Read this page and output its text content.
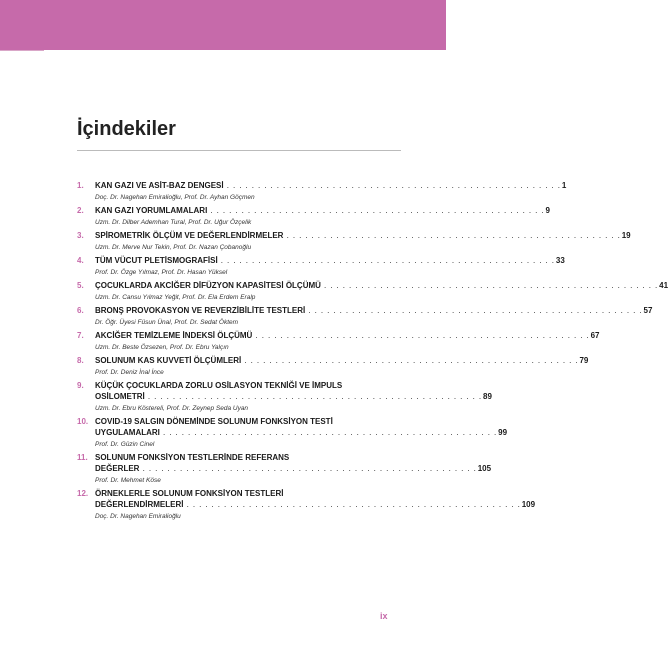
İçindekiler
1.	KAN GAZI VE ASİT-BAZ DENGESİ . . . . . . . . . . . . . . . . . . . . . . . . . . . . . . . . . . . . . . . . . . . . . . . . . . . . . . 1
Doç. Dr. Nagehan Emiralioğlu, Prof. Dr. Ayhan Göçmen
2.	KAN GAZI YORUMLAMALARI . . . . . . . . . . . . . . . . . . . . . . . . . . . . . . . . . . . . . . . . . . . . . . . . . . . . . . 9
Uzm. Dr. Dilber Ademhan Tural, Prof. Dr. Uğur Özçelik
3.	SPİROMETRİK ÖLÇÜM VE DEĞERLENDİRMELER . . . . . . . . . . . . . . . . . . . . . . . . . . . . . . . . . . . . . . . . . . . . . . . . . . . . . . 19
Uzm. Dr. Merve Nur Tekin, Prof. Dr. Nazan Çobanoğlu
4.	TÜM VÜCUT PLETİSMOGRAFİSİ . . . . . . . . . . . . . . . . . . . . . . . . . . . . . . . . . . . . . . . . . . . . . . . . . . . . . . 33
Prof. Dr. Özge Yılmaz, Prof. Dr. Hasan Yüksel
5.	ÇOCUKLARDA AKCİĞER DİFÜZYON KAPASİTESİ ÖLÇÜMÜ . . . . . . . . . . . . . . . . . . . . . . . . . . . . . . . . . . . . . . . . . . . . . . . . . . . . . . 41
Uzm. Dr. Cansu Yılmaz Yeğit, Prof. Dr. Ela Erdem Eralp
6.	BRONŞ PROVOKASYON VE REVERZİBİLİTE TESTLERİ . . . . . . . . . . . . . . . . . . . . . . . . . . . . . . . . . . . . . . . . . . . . . . . . . . . . . . 57
Dr. Öğr. Üyesi Füsun Ünal, Prof. Dr. Sedat Öktem
7.	AKCİĞER TEMİZLEME İNDEKSİ ÖLÇÜMÜ . . . . . . . . . . . . . . . . . . . . . . . . . . . . . . . . . . . . . . . . . . . . . . . . . . . . . . 67
Uzm. Dr. Beste Özsezen, Prof. Dr. Ebru Yalçın
8.	SOLUNUM KAS KUVVETİ ÖLÇÜMLERİ . . . . . . . . . . . . . . . . . . . . . . . . . . . . . . . . . . . . . . . . . . . . . . . . . . . . . . 79
Prof. Dr. Deniz İnal İnce
9.	KÜÇÜK ÇOCUKLARDA ZORLU OSİLASYON TEKNİĞİ VE İMPULS
OSİLOMETRİ . . . . . . . . . . . . . . . . . . . . . . . . . . . . . . . . . . . . . . . . . . . . . . . . . . . . . . 89
Uzm. Dr. Ebru Köstereli, Prof. Dr. Zeynep Seda Uyan
10. COVID-19 SALGIN DÖNEMİNDE SOLUNUM FONKSİYON TESTİ
UYGULAMALARI . . . . . . . . . . . . . . . . . . . . . . . . . . . . . . . . . . . . . . . . . . . . . . . . . . . . . . 99
Prof. Dr. Güzin Cinel
11. SOLUNUM FONKSİYON TESTLERİNDE REFERANS
DEĞERLER . . . . . . . . . . . . . . . . . . . . . . . . . . . . . . . . . . . . . . . . . . . . . . . . . . . . . . 105
Prof. Dr. Mehmet Köse
12. ÖRNEKLERLE SOLUNUM FONKSİYON TESTLERİ
DEĞERLENDİRMELERİ . . . . . . . . . . . . . . . . . . . . . . . . . . . . . . . . . . . . . . . . . . . . . . . . . . . . . . 109
Doç. Dr. Nagehan Emiralioğlu
ix
